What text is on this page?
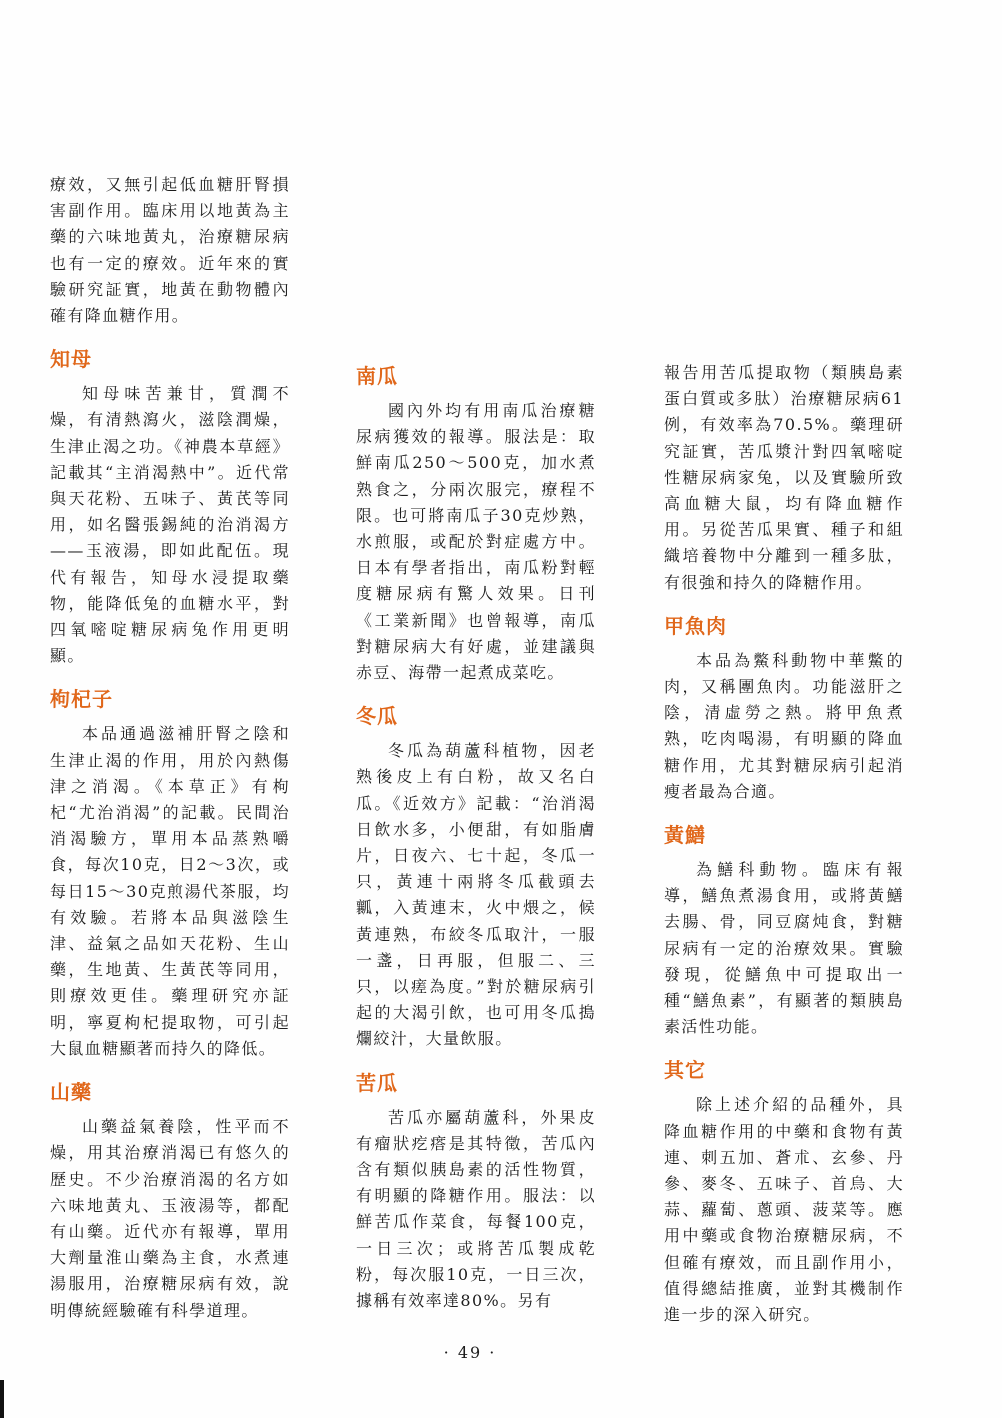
療效，又無引起低血糖肝腎損害副作用。臨床用以地黃為主藥的六味地黃丸，治療糖尿病也有一定的療效。近年來的實驗研究証實，地黃在動物體內確有降血糖作用。

知母

知母味苦兼甘，質潤不燥，有清熱瀉火，滋陰潤燥，生津止渴之功。《神農本草經》記載其“主消渴熱中”。近代常與天花粉、五味子、黃芪等同用，如名醫張錫純的治消渴方——玉液湯，即如此配伍。現代有報告，知母水浸提取藥物，能降低兔的血糖水平，對四氧嘧啶糖尿病兔作用更明顯。

枸杞子

本品通過滋補肝腎之陰和生津止渴的作用，用於內熱傷津之消渴。《本草正》有枸杞“尤治消渴”的記載。民間治消渴驗方，單用本品蒸熟嚼食，每次10克，日2～3次，或每日15～30克煎湯代茶服，均有效驗。若將本品與滋陰生津、益氣之品如天花粉、生山藥，生地黃、生黃芪等同用，則療效更佳。藥理研究亦証明，寧夏枸杞提取物，可引起大鼠血糖顯著而持久的降低。

山藥

山藥益氣養陰，性平而不燥，用其治療消渴已有悠久的歷史。不少治療消渴的名方如六味地黃丸、玉液湯等，都配有山藥。近代亦有報導，單用大劑量淮山藥為主食，水煮連湯服用，治療糖尿病有效，說明傳統經驗確有科學道理。

南瓜

國內外均有用南瓜治療糖尿病獲效的報導。服法是：取鮮南瓜250～500克，加水煮熟食之，分兩次服完，療程不限。也可將南瓜子30克炒熟，水煎服，或配於對症處方中。日本有學者指出，南瓜粉對輕度糖尿病有驚人效果。日刊《工業新聞》也曾報導，南瓜對糖尿病大有好處，並建議與赤豆、海帶一起煮成菜吃。

冬瓜

冬瓜為葫蘆科植物，因老熟後皮上有白粉，故又名白瓜。《近效方》記載：“治消渴日飲水多，小便甜，有如脂膚片，日夜六、七十起，冬瓜一只，黃連十兩將冬瓜截頭去瓤，入黃連末，火中煨之，候黃連熟，布絞冬瓜取汁，一服一盞，日再服，但服二、三只，以瘥為度。”對於糖尿病引起的大渴引飲，也可用冬瓜搗爛絞汁，大量飲服。

苦瓜

苦瓜亦屬葫蘆科，外果皮有瘤狀疙瘩是其特徵，苦瓜內含有類似胰島素的活性物質，有明顯的降糖作用。服法：以鮮苦瓜作菜食，每餐100克，一日三次；或將苦瓜製成乾粉，每次服10克，一日三次，據稱有效率達80%。另有

報告用苦瓜提取物（類胰島素蛋白質或多肽）治療糖尿病61例，有效率為70.5%。藥理研究証實，苦瓜漿汁對四氧嘧啶性糖尿病家兔，以及實驗所致高血糖大鼠，均有降血糖作用。另從苦瓜果實、種子和組織培養物中分離到一種多肽，有很強和持久的降糖作用。

甲魚肉

本品為鱉科動物中華鱉的肉，又稱團魚肉。功能滋肝之陰，清虛勞之熱。將甲魚煮熟，吃肉喝湯，有明顯的降血糖作用，尤其對糖尿病引起消瘦者最為合適。

黃鱔

為鱔科動物。臨床有報導，鱔魚煮湯食用，或將黃鱔去腸、骨，同豆腐炖食，對糖尿病有一定的治療效果。實驗發現，從鱔魚中可提取出一種“鱔魚素”，有顯著的類胰島素活性功能。

其它

除上述介紹的品種外，具降血糖作用的中藥和食物有黃連、刺五加、蒼朮、玄參、丹參、麥冬、五味子、首烏、大蒜、蘿蔔、蔥頭、菠菜等。應用中藥或食物治療糖尿病，不但確有療效，而且副作用小，值得總結推廣，並對其機制作進一步的深入研究。

· 49 ·
